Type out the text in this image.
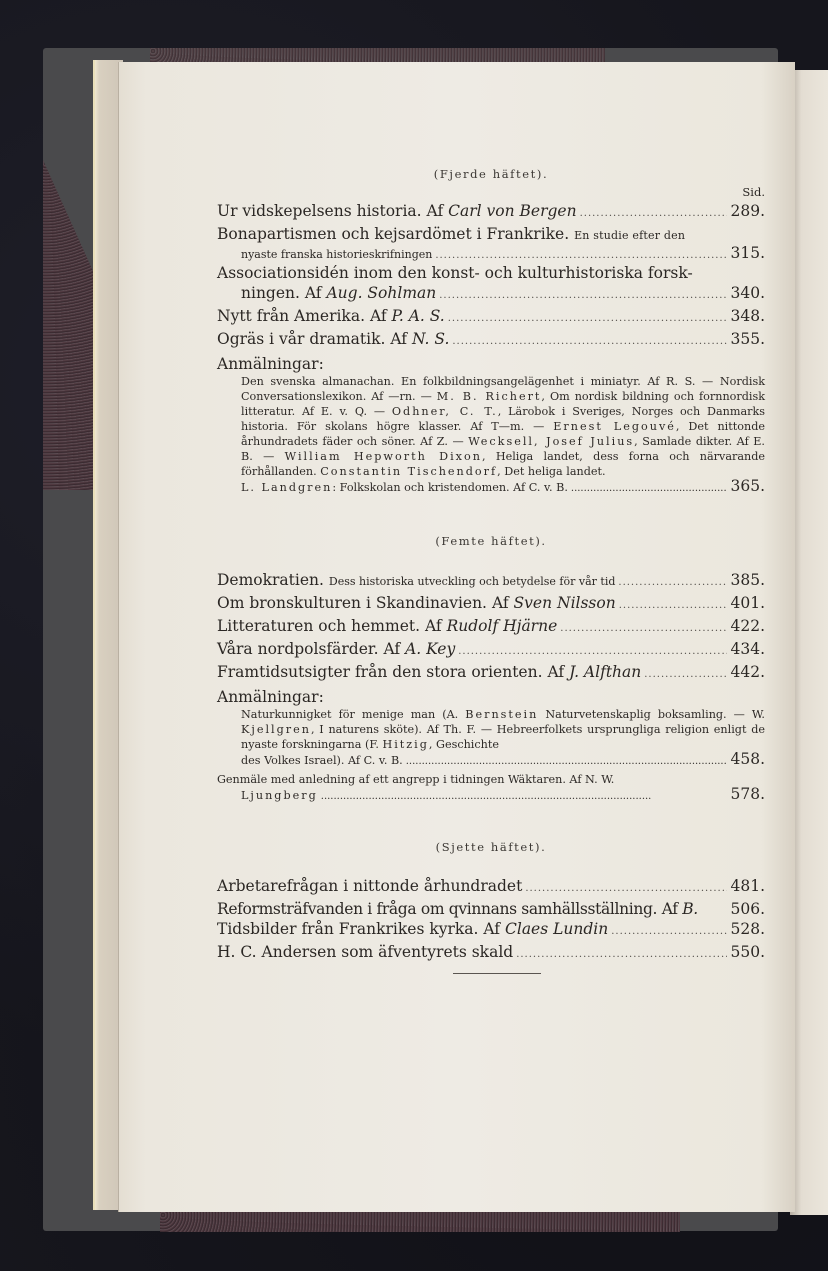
(Fjerde häftet).
Sid.
Ur vidskepelsens historia. Af Carl von Bergen .....	289.
Bonapartismen och kejsardömet i Frankrike. En studie efter den
nyaste franska historieskrifningen .....	315.
Associationsidén inom den konst- och kulturhistoriska forsk-
ningen. Af Aug. Sohlman .....	340.
Nytt från Amerika. Af P. A. S. .....	348.
Ogräs i vår dramatik. Af N. S. .....	355.
Anmälningar:
Den svenska almanachan. En folkbildningsangelägenhet i miniatyr. Af R. S. — Nordisk Conversationslexikon. Af —rn. — M. B. Richert, Om nordisk bildning och fornnordisk litteratur. Af E. v. Q. — Odhner, C. T., Lärobok i Sveriges, Norges och Danmarks historia. För skolans högre klasser. Af T—m. — Ernest Legouvé, Det nittonde århundradets fäder och söner. Af Z. — Wecksell, Josef Julius, Samlade dikter. Af E. B. — William Hepworth Dixon, Heliga landet, dess forna och närvarande förhållanden. Constantin Tischendorf, Det heliga landet.
L. Landgren: Folkskolan och kristendomen. Af C. v. B. .....	365.
(Femte häftet).
Demokratien. Dess historiska utveckling och betydelse för vår tid .....	385.
Om bronskulturen i Skandinavien. Af Sven Nilsson .....	401.
Litteraturen och hemmet. Af Rudolf Hjärne .....	422.
Våra nordpolsfärder. Af A. Key .....	434.
Framtidsutsigter från den stora orienten. Af J. Alfthan .....	442.
Anmälningar:
Naturkunnigket för menige man (A. Bernstein Naturvetenskaplig boksamling. — W. Kjellgren, I naturens sköte). Af Th. F. — Hebreerfolkets ursprungliga religion enligt de nyaste forskningarna (F. Hitzig, Geschichte
des Volkes Israel). Af C. v. B. .....	458.
Genmäle med anledning af ett angrepp i tidningen Wäktaren. Af N. W.
Ljungberg .....	578.
(Sjette häftet).
Arbetarefrågan i nittonde århundradet .....	481.
Reformsträfvanden i fråga om qvinnans samhällsställning. Af B. 506.
Tidsbilder från Frankrikes kyrka. Af Claes Lundin .....	528.
H. C. Andersen som äfventyrets skald .....	550.
